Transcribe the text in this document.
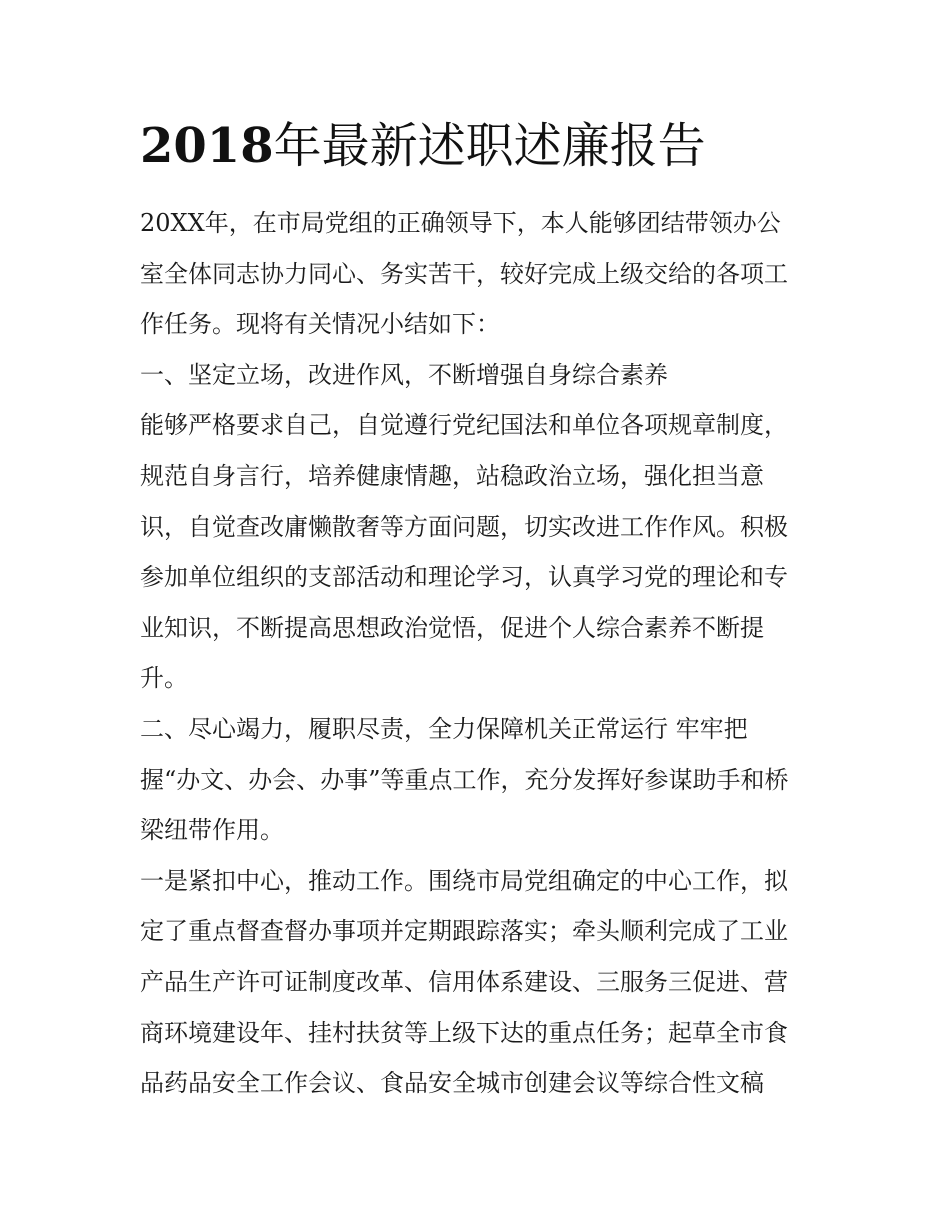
2018年最新述职述廉报告
20XX年，在市局党组的正确领导下，本人能够团结带领办公
室全体同志协力同心、务实苦干，较好完成上级交给的各项工
作任务。现将有关情况小结如下：
一、坚定立场，改进作风，不断增强自身综合素养
能够严格要求自己，自觉遵行党纪国法和单位各项规章制度，
规范自身言行，培养健康情趣，站稳政治立场，强化担当意
识，自觉查改庸懒散奢等方面问题，切实改进工作作风。积极
参加单位组织的支部活动和理论学习，认真学习党的理论和专
业知识，不断提高思想政治觉悟，促进个人综合素养不断提
升。
二、尽心竭力，履职尽责，全力保障机关正常运行 牢牢把
握“办文、办会、办事”等重点工作，充分发挥好参谋助手和桥
梁纽带作用。
一是紧扣中心，推动工作。围绕市局党组确定的中心工作，拟
定了重点督查督办事项并定期跟踪落实；牵头顺利完成了工业
产品生产许可证制度改革、信用体系建设、三服务三促进、营
商环境建设年、挂村扶贫等上级下达的重点任务；起草全市食
品药品安全工作会议、食品安全城市创建会议等综合性文稿
